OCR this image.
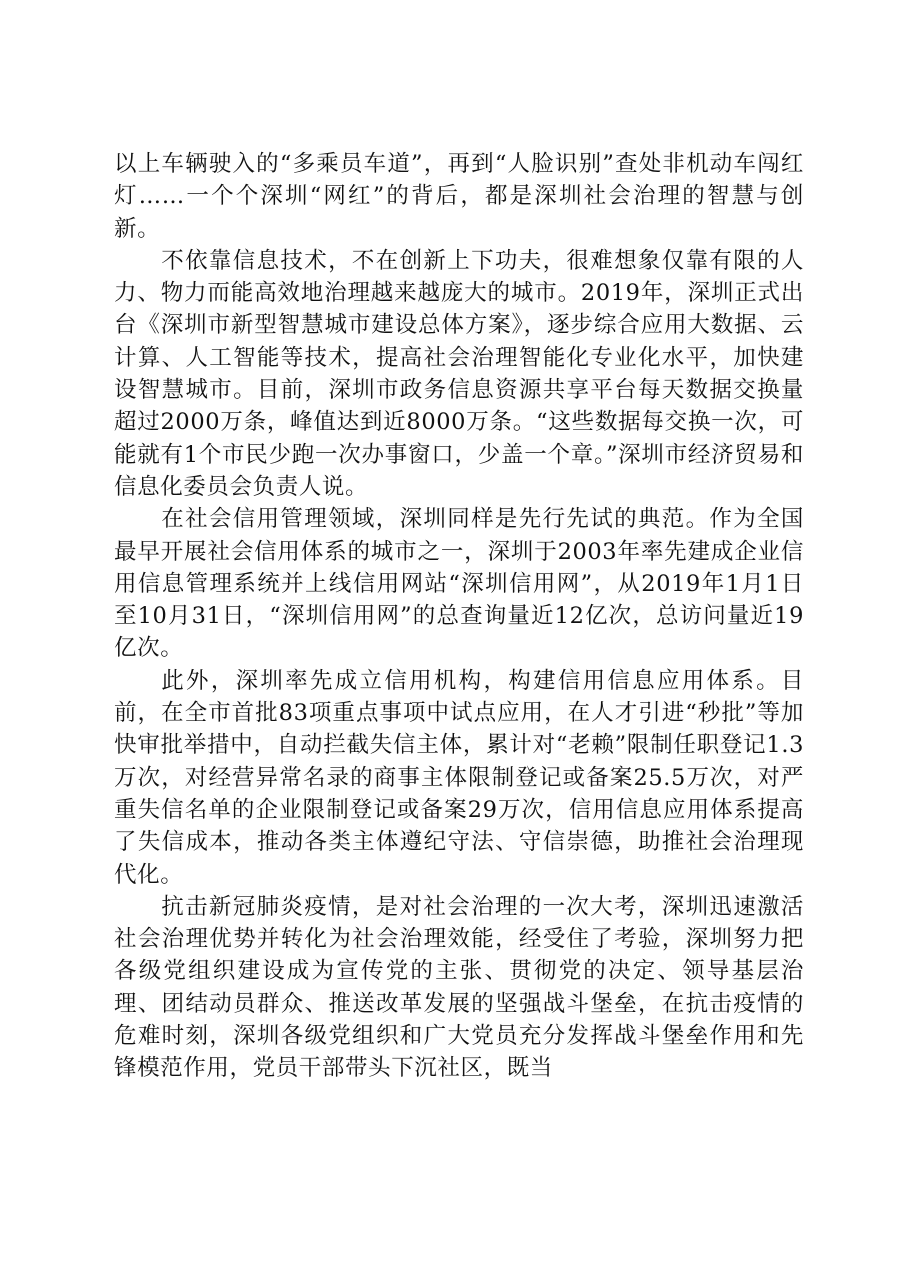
以上车辆驶入的“多乘员车道”，再到“人脸识别”查处非机动车闯红灯……一个个深圳“网红”的背后，都是深圳社会治理的智慧与创新。

不依靠信息技术，不在创新上下功夫，很难想象仅靠有限的人力、物力而能高效地治理越来越庞大的城市。2019年，深圳正式出台《深圳市新型智慧城市建设总体方案》，逐步综合应用大数据、云计算、人工智能等技术，提高社会治理智能化专业化水平，加快建设智慧城市。目前，深圳市政务信息资源共享平台每天数据交换量超过2000万条，峰值达到近8000万条。“这些数据每交换一次，可能就有1个市民少跑一次办事窗口，少盖一个章。”深圳市经济贸易和信息化委员会负责人说。

在社会信用管理领域，深圳同样是先行先试的典范。作为全国最早开展社会信用体系的城市之一，深圳于2003年率先建成企业信用信息管理系统并上线信用网站“深圳信用网”，从2019年1月1日至10月31日，“深圳信用网”的总查询量近12亿次，总访问量近19亿次。

此外，深圳率先成立信用机构，构建信用信息应用体系。目前，在全市首批83项重点事项中试点应用，在人才引进“秒批”等加快审批举措中，自动拦截失信主体，累计对“老赖”限制任职登记1.3万次，对经营异常名录的商事主体限制登记或备案25.5万次，对严重失信名单的企业限制登记或备案29万次，信用信息应用体系提高了失信成本，推动各类主体遵纪守法、守信崇德，助推社会治理现代化。

抗击新冠肺炎疫情，是对社会治理的一次大考，深圳迅速激活社会治理优势并转化为社会治理效能，经受住了考验，深圳努力把各级党组织建设成为宣传党的主张、贯彻党的决定、领导基层治理、团结动员群众、推送改革发展的坚强战斗堡垒，在抗击疫情的危难时刻，深圳各级党组织和广大党员充分发挥战斗堡垒作用和先锋模范作用，党员干部带头下沉社区，既当
